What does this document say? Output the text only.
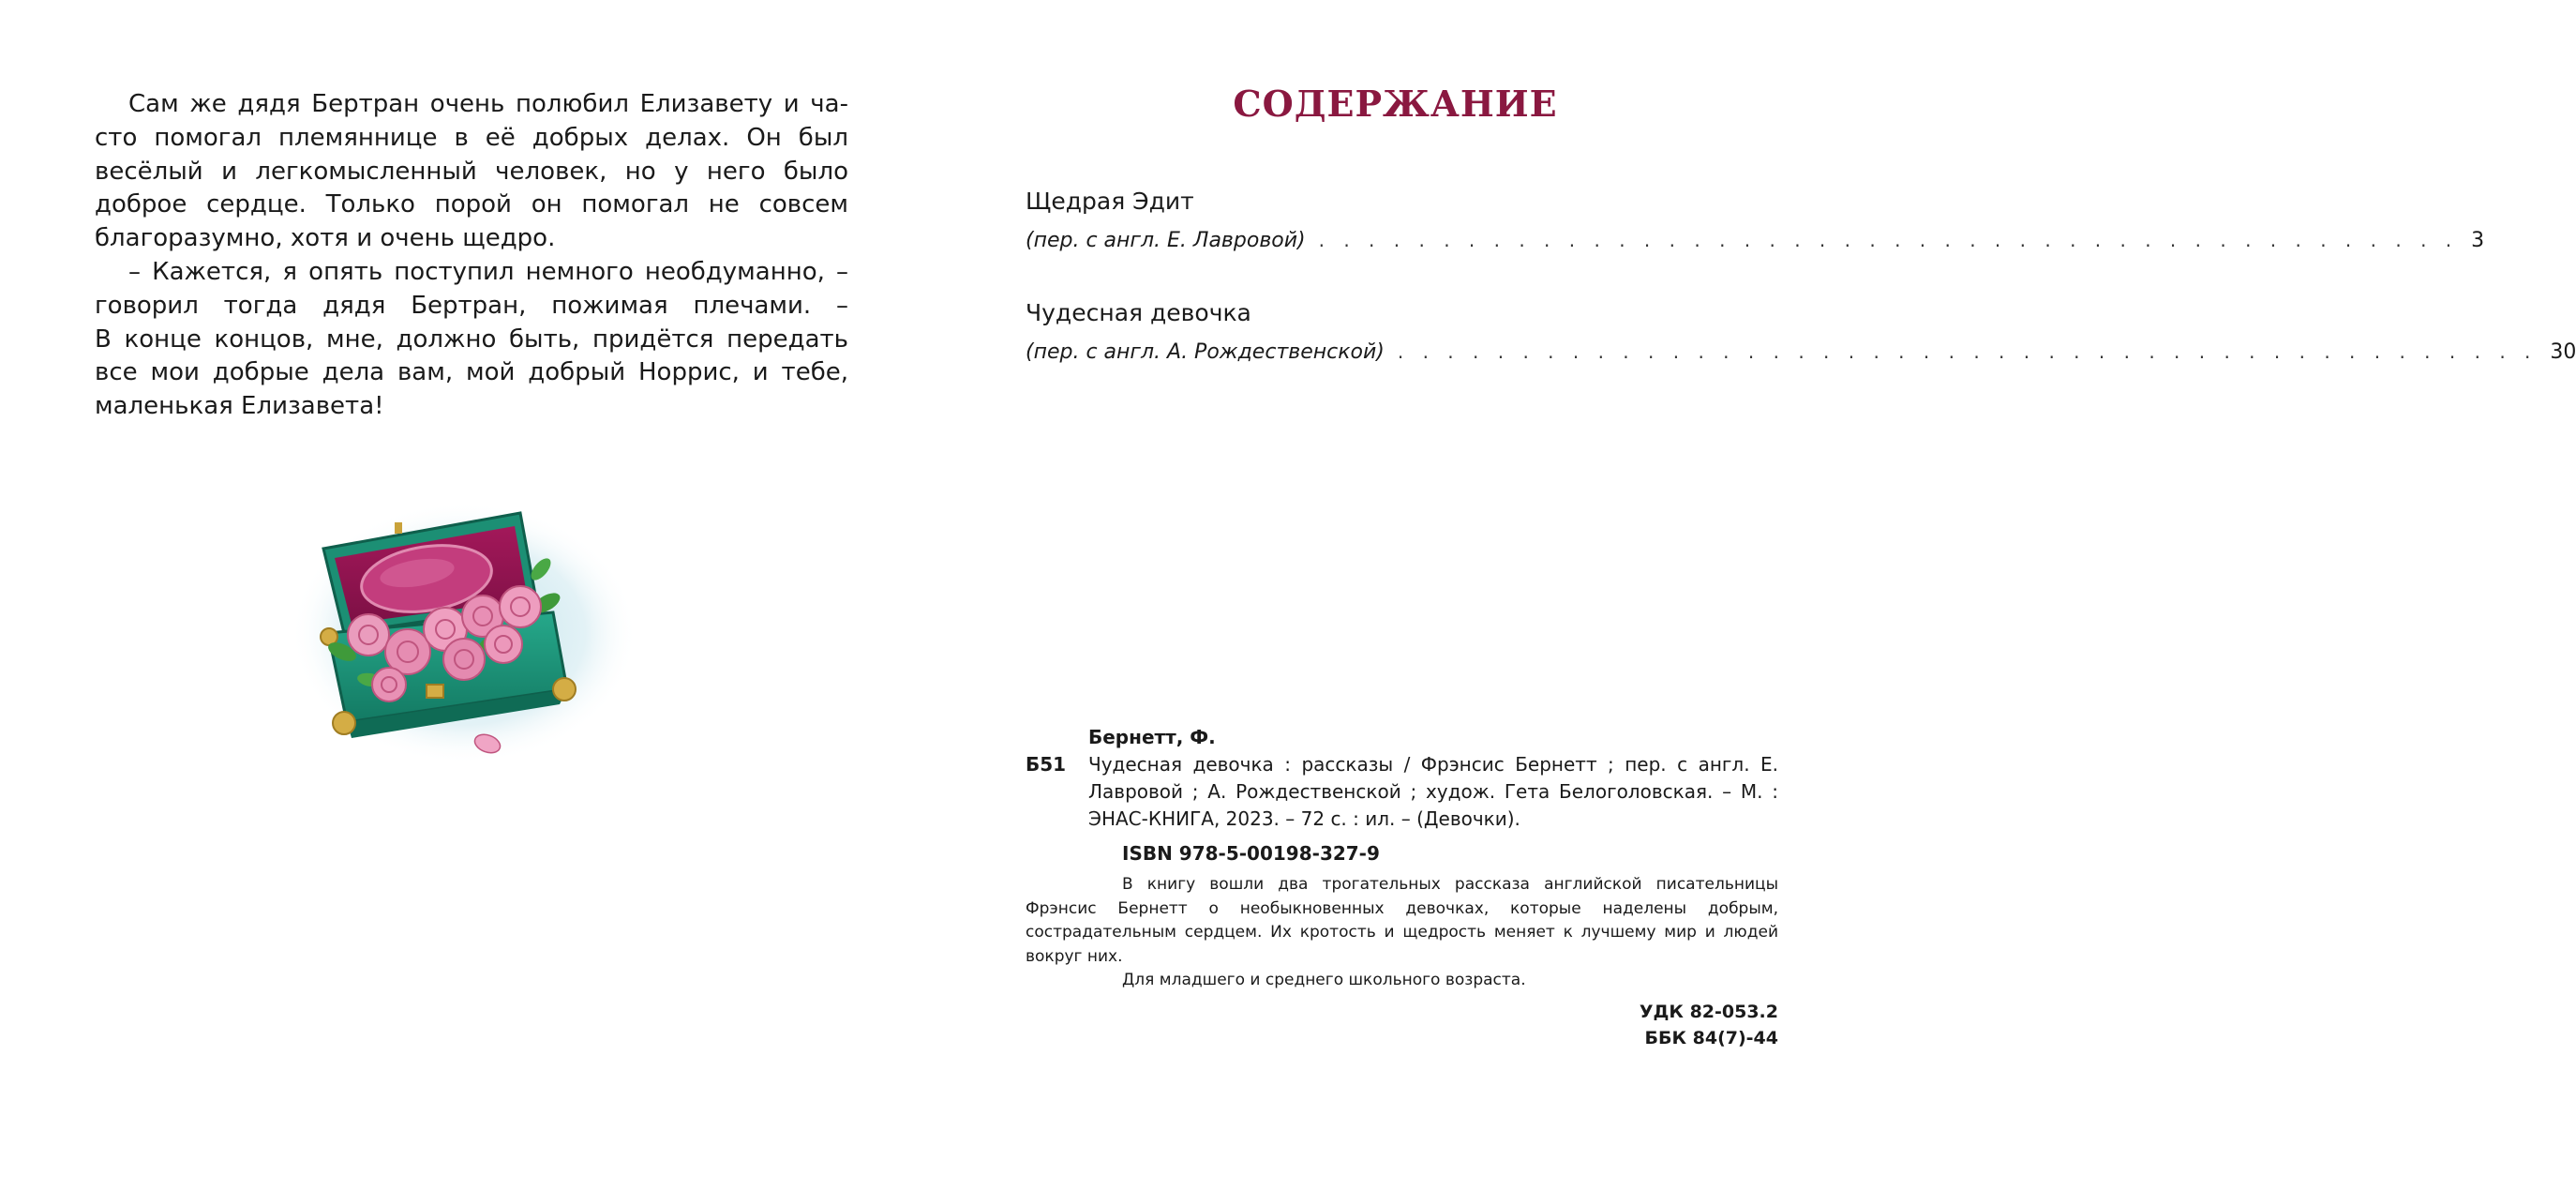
Сам же дядя Бертран очень полюбил Елизавету и ча-
сто помогал племяннице в её добрых делах. Он был
весёлый и легкомысленный человек, но у него было
доброе сердце. Только порой он помогал не совсем
благоразумно, хотя и очень щедро.
– Кажется, я опять поступил немного необдуманно, –
говорил тогда дядя Бертран, пожимая плечами. –
В конце концов, мне, должно быть, придётся передать
все мои добрые дела вам, мой добрый Норрис, и тебе,
маленькая Елизавета!
СОДЕРЖАНИЕ
Щедрая Эдит
(пер. с англ. Е. Лавровой) . . . . . . . . . . . . . . . . . . . . . . . . . . . . . . . . . . . . . . . . . . . . . . 3
Чудесная девочка
(пер. с англ. А. Рождественской) . . . . . . . . . . . . . . . . . . . . . . . . . . . . . . . . . . . . . . . . . . . . . . 30
Бернетт, Ф.
Б51	Чудесная девочка : рассказы / Фрэнсис Бернетт ; пер. с англ. Е. Лавровой ; А. Рождественской ; худож. Гета Белоголовская. – М. : ЭНАС-КНИГА, 2023. – 72 с. : ил. – (Девочки).
ISBN 978-5-00198-327-9

В книгу вошли два трогательных рассказа английской писательницы Фрэнсис Бернетт о необыкновенных девочках, которые наделены добрым, сострадательным сердцем. Их кротость и щедрость меняет к лучшему мир и людей вокруг них.

Для младшего и среднего школьного возраста.

УДК 82-053.2
ББК 84(7)-44
